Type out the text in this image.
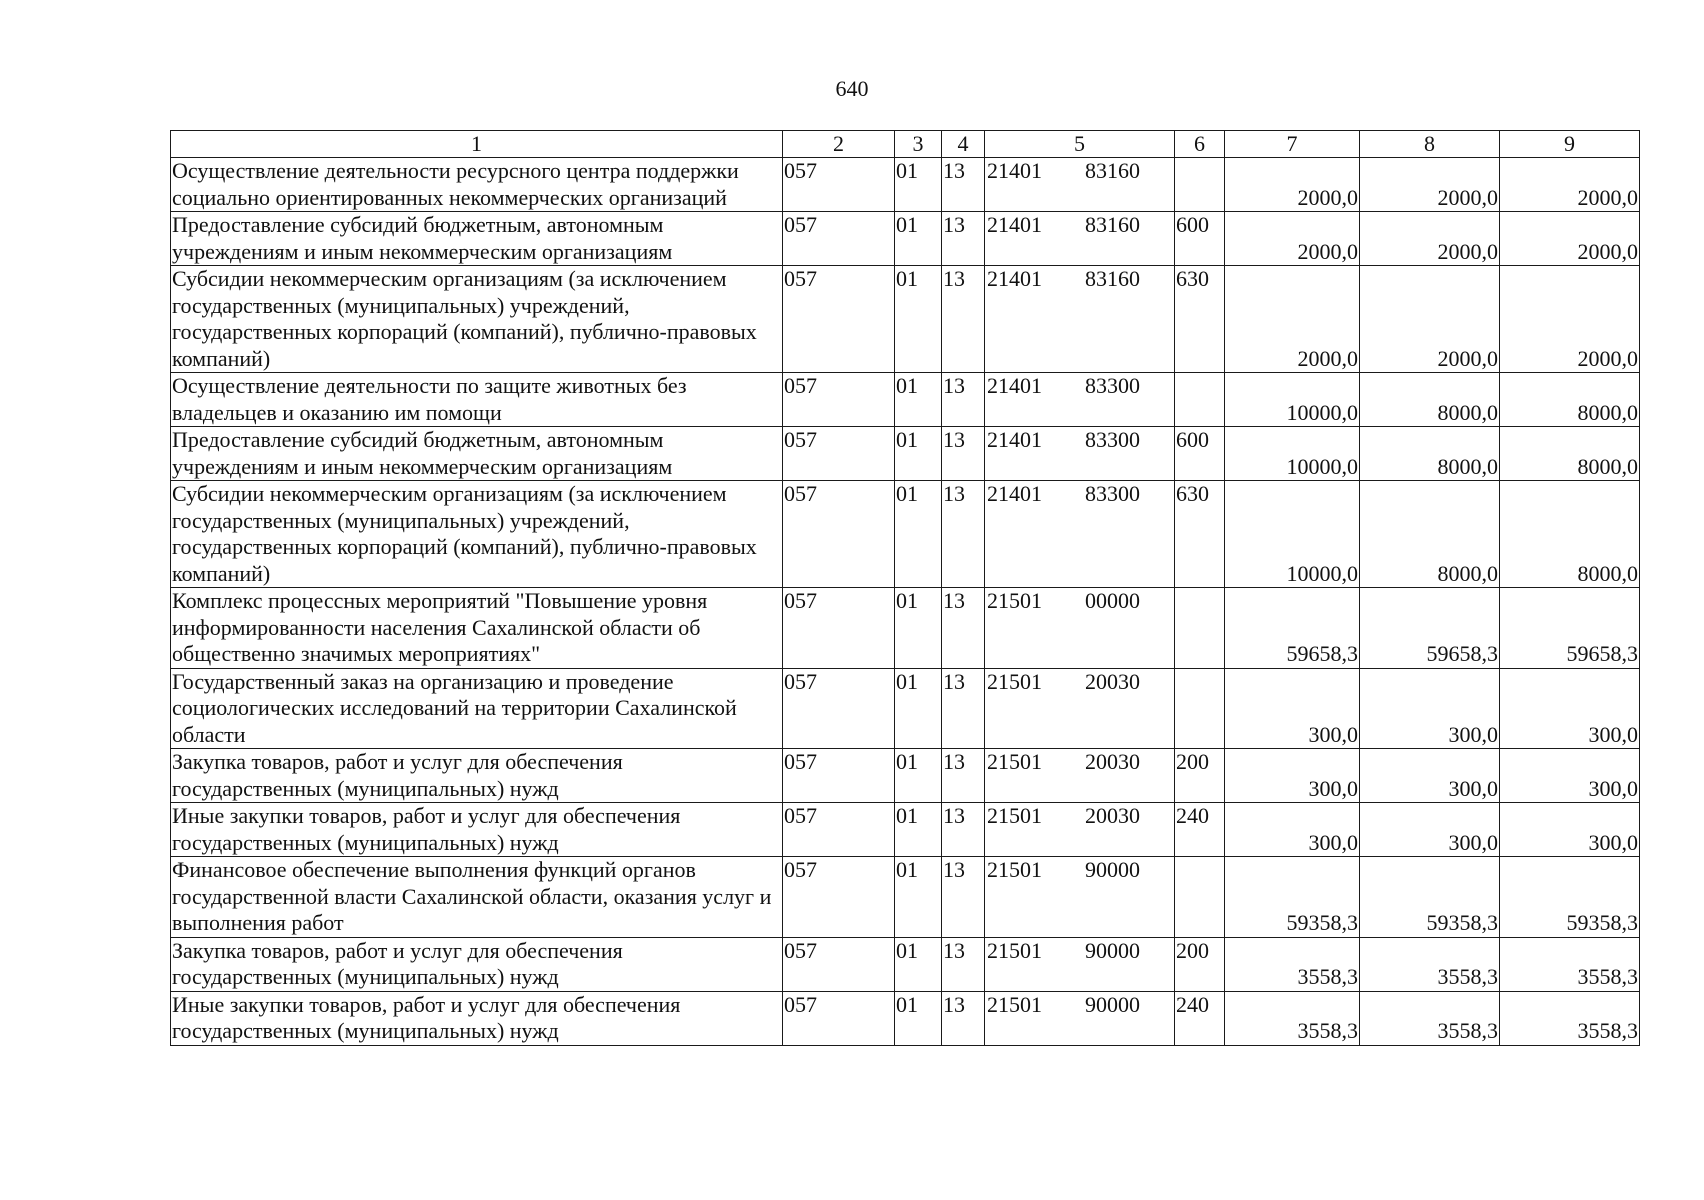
640
1	2	3	4	5	6	7	8	9
Осуществление деятельности ресурсного центра поддержки социально ориентированных некоммерческих организаций	057	01	13	21401 83160		2000,0	2000,0	2000,0
Предоставление субсидий бюджетным, автономным учреждениям и иным некоммерческим организациям	057	01	13	21401 83160	600	2000,0	2000,0	2000,0
Субсидии некоммерческим организациям (за исключением государственных (муниципальных) учреждений, государственных корпораций (компаний), публично-правовых компаний)	057	01	13	21401 83160	630	2000,0	2000,0	2000,0
Осуществление деятельности по защите животных без владельцев и оказанию им помощи	057	01	13	21401 83300		10000,0	8000,0	8000,0
Предоставление субсидий бюджетным, автономным учреждениям и иным некоммерческим организациям	057	01	13	21401 83300	600	10000,0	8000,0	8000,0
Субсидии некоммерческим организациям (за исключением государственных (муниципальных) учреждений, государственных корпораций (компаний), публично-правовых компаний)	057	01	13	21401 83300	630	10000,0	8000,0	8000,0
Комплекс процессных мероприятий "Повышение уровня информированности населения Сахалинской области об общественно значимых мероприятиях"	057	01	13	21501 00000		59658,3	59658,3	59658,3
Государственный заказ на организацию и проведение социологических исследований на территории Сахалинской области	057	01	13	21501 20030		300,0	300,0	300,0
Закупка товаров, работ и услуг для обеспечения государственных (муниципальных) нужд	057	01	13	21501 20030	200	300,0	300,0	300,0
Иные закупки товаров, работ и услуг для обеспечения государственных (муниципальных) нужд	057	01	13	21501 20030	240	300,0	300,0	300,0
Финансовое обеспечение выполнения функций органов государственной власти Сахалинской области, оказания услуг и выполнения работ	057	01	13	21501 90000		59358,3	59358,3	59358,3
Закупка товаров, работ и услуг для обеспечения государственных (муниципальных) нужд	057	01	13	21501 90000	200	3558,3	3558,3	3558,3
Иные закупки товаров, работ и услуг для обеспечения государственных (муниципальных) нужд	057	01	13	21501 90000	240	3558,3	3558,3	3558,3
